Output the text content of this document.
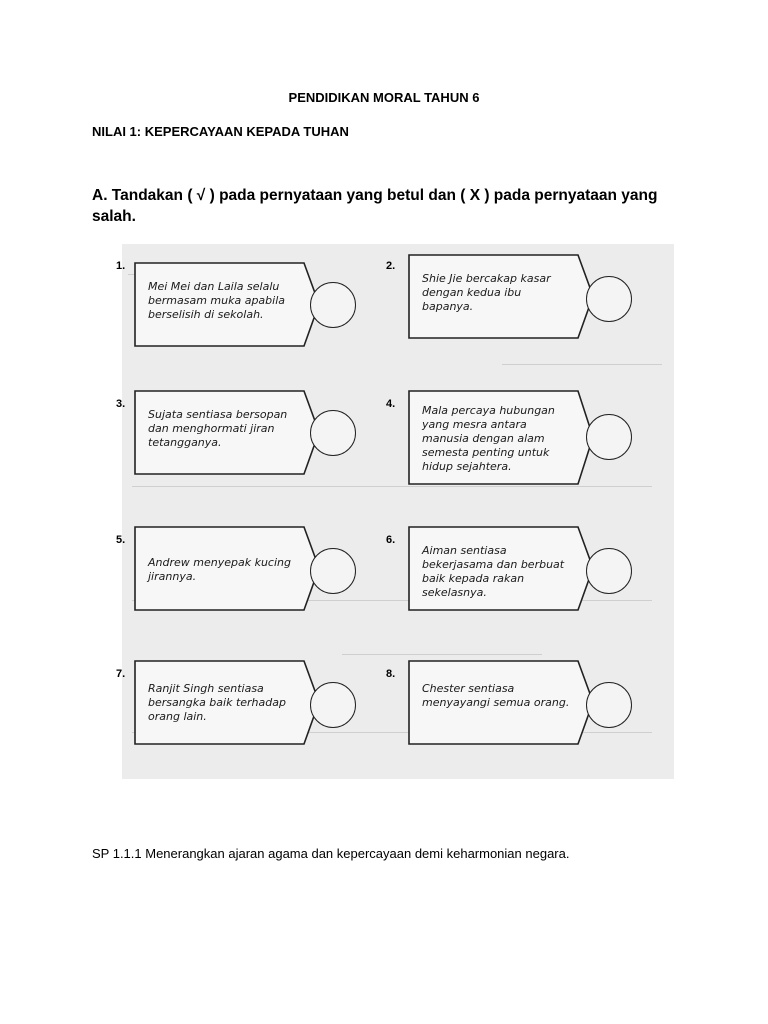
PENDIDIKAN MORAL TAHUN 6
NILAI 1: KEPERCAYAAN KEPADA TUHAN
A. Tandakan ( √ ) pada pernyataan yang betul dan ( X ) pada pernyataan yang salah.
1.
Mei Mei dan Laila selalu bermasam muka apabila berselisih di sekolah.
2.
Shie Jie bercakap kasar dengan kedua ibu bapanya.
3.
Sujata sentiasa bersopan dan menghormati jiran tetangganya.
4. Mala percaya hubungan yang mesra antara manusia dengan alam semesta penting untuk hidup sejahtera.
5.
Andrew menyepak kucing jirannya.
6.
Aiman sentiasa bekerjasama dan berbuat baik kepada rakan sekelasnya.
7.
Ranjit Singh sentiasa bersangka baik terhadap orang lain.
8.
Chester sentiasa menyayangi semua orang.
SP 1.1.1 Menerangkan ajaran agama dan kepercayaan demi keharmonian negara.
